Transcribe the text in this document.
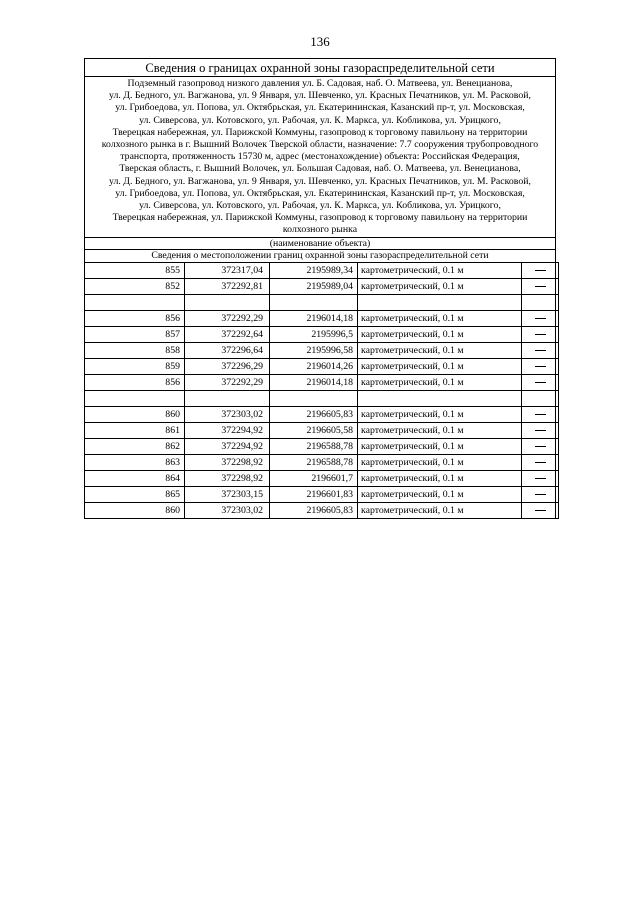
136
Сведения о границах охранной зоны газораспределительной сети
Подземный газопровод низкого давления ул. Б. Садовая, наб. О. Матвеева, ул. Венецианова,
ул. Д. Бедного, ул. Вагжанова, ул. 9 Января, ул. Шевченко, ул. Красных Печатников, ул. М. Расковой,
ул. Грибоедова, ул. Попова, ул. Октябрьская, ул. Екатерининская, Казанский пр-т, ул. Московская,
ул. Сиверсова, ул. Котовского, ул. Рабочая, ул. К. Маркса, ул. Кобликова, ул. Урицкого,
Тверецкая набережная, ул. Парижской Коммуны, газопровод к торговому павильону на территории
колхозного рынка в г. Вышний Волочек Тверской области, назначение: 7.7 сооружения трубопроводного
транспорта, протяженность 15730 м, адрес (местонахождение) объекта: Российская Федерация,
Тверская область, г. Вышний Волочек, ул. Большая Садовая, наб. О. Матвеева, ул. Венецианова,
ул. Д. Бедного, ул. Вагжанова, ул. 9 Января, ул. Шевченко, ул. Красных Печатников, ул. М. Расковой,
ул. Грибоедова, ул. Попова, ул. Октябрьская, ул. Екатерининская, Казанский пр-т, ул. Московская,
ул. Сиверсова, ул. Котовского, ул. Рабочая, ул. К. Маркса, ул. Кобликова, ул. Урицкого,
Тверецкая набережная, ул. Парижской Коммуны, газопровод к торговому павильону на территории
колхозного рынка
(наименование объекта)
Сведения о местоположении границ охранной зоны газораспределительной сети
855	372317,04	2195989,34	картометрический, 0.1 м	
852	372292,81	2195989,04	картометрический, 0.1 м	

856	372292,29	2196014,18	картометрический, 0.1 м	
857	372292,64	2195996,5	картометрический, 0.1 м	
858	372296,64	2195996,58	картометрический, 0.1 м	
859	372296,29	2196014,26	картометрический, 0.1 м	
856	372292,29	2196014,18	картометрический, 0.1 м	

860	372303,02	2196605,83	картометрический, 0.1 м	
861	372294,92	2196605,58	картометрический, 0.1 м	
862	372294,92	2196588,78	картометрический, 0.1 м	
863	372298,92	2196588,78	картометрический, 0.1 м	
864	372298,92	2196601,7	картометрический, 0.1 м	
865	372303,15	2196601,83	картометрический, 0.1 м	
860	372303,02	2196605,83	картометрический, 0.1 м	
